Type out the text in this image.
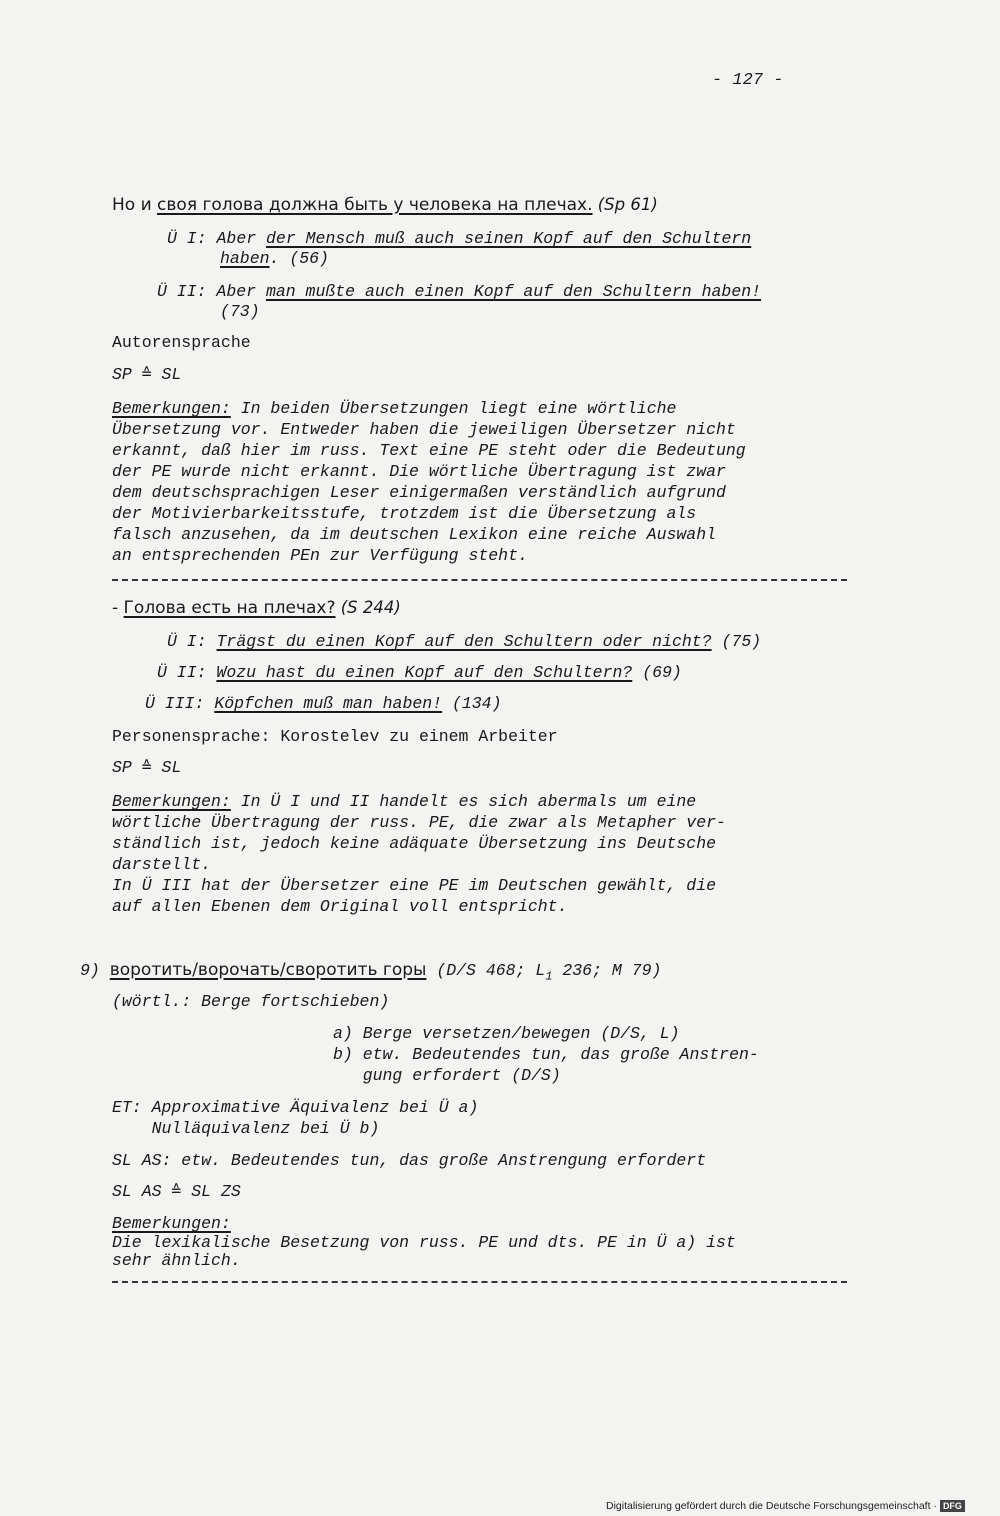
- 127 -
Но и своя голова должна быть у человека на плечах. (Sp 61)
Ü I: Aber der Mensch muß auch seinen Kopf auf den Schultern
haben. (56)
Ü II: Aber man mußte auch einen Kopf auf den Schultern haben!
(73)
Autorensprache
SP ≙ SL
Bemerkungen: In beiden Übersetzungen liegt eine wörtliche
Übersetzung vor. Entweder haben die jeweiligen Übersetzer nicht
erkannt, daß hier im russ. Text eine PE steht oder die Bedeutung
der PE wurde nicht erkannt. Die wörtliche Übertragung ist zwar
dem deutschsprachigen Leser einigermaßen verständlich aufgrund
der Motivierbarkeitsstufe, trotzdem ist die Übersetzung als
falsch anzusehen, da im deutschen Lexikon eine reiche Auswahl
an entsprechenden PEn zur Verfügung steht.
- Голова есть на плечах? (S 244)
Ü I: Trägst du einen Kopf auf den Schultern oder nicht? (75)
Ü II: Wozu hast du einen Kopf auf den Schultern? (69)
Ü III: Köpfchen muß man haben! (134)
Personensprache: Korostelev zu einem Arbeiter
SP ≙ SL
Bemerkungen: In Ü I und II handelt es sich abermals um eine
wörtliche Übertragung der russ. PE, die zwar als Metapher ver-
ständlich ist, jedoch keine adäquate Übersetzung ins Deutsche
darstellt.
In Ü III hat der Übersetzer eine PE im Deutschen gewählt, die
auf allen Ebenen dem Original voll entspricht.
9) воротить/ворочать/своротить горы (D/S 468; $L_1$ 236; M 79)
(wörtl.: Berge fortschieben)
a) Berge versetzen/bewegen (D/S, L)
b) etw. Bedeutendes tun, das große Anstren-
gung erfordert (D/S)
ET: Approximative Äquivalenz bei Ü a)
Nulläquivalenz bei Ü b)
SL AS: etw. Bedeutendes tun, das große Anstrengung erfordert
SL AS ≙ SL ZS
Bemerkungen:
Die lexikalische Besetzung von russ. PE und dts. PE in Ü a) ist
sehr ähnlich.
Digitalisierung gefördert durch die Deutsche Forschungsgemeinschaft · DFG
